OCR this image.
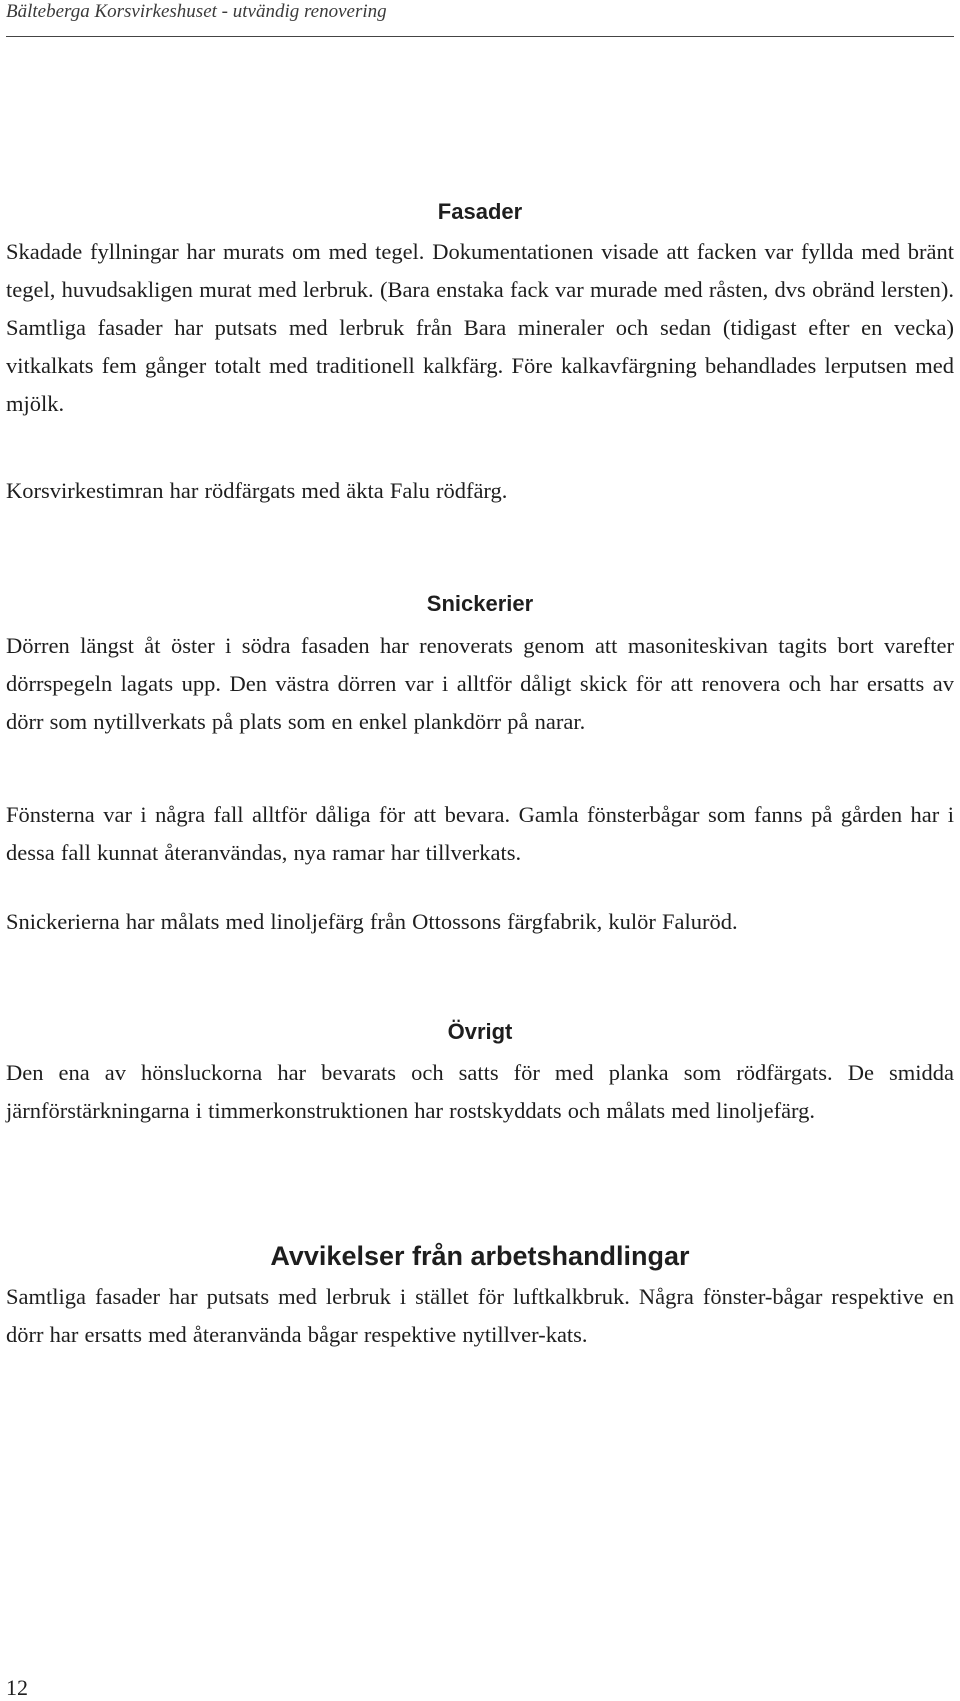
Bälteberga Korsvirkeshuset - utvändig renovering
Fasader

Skadade fyllningar har murats om med tegel. Dokumentationen visade att facken var fyllda med bränt tegel, huvudsakligen murat med lerbruk. (Bara enstaka fack var murade med råsten, dvs obränd lersten). Samtliga fasader har putsats med lerbruk från Bara mineraler och sedan (tidigast efter en vecka) vitkalkats fem gånger totalt med traditionell kalkfärg. Före kalkavfärgning behandlades lerputsen med mjölk.

Korsvirkestimran har rödfärgats med äkta Falu rödfärg.

Snickerier

Dörren längst åt öster i södra fasaden har renoverats genom att masoniteskivan tagits bort varefter dörrspegeln lagats upp. Den västra dörren var i alltför dåligt skick för att renovera och har ersatts av dörr som nytillverkats på plats som en enkel plankdörr på narar.

Fönsterna var i några fall alltför dåliga för att bevara. Gamla fönsterbågar som fanns på gården har i dessa fall kunnat återanvändas, nya ramar har tillverkats.

Snickerierna har målats med linoljefärg från Ottossons färgfabrik, kulör Faluröd.

Övrigt

Den ena av hönsluckorna har bevarats och satts för med planka som rödfärgats. De smidda järnförstärkningarna i timmerkonstruktionen har rostskyddats och målats med linoljefärg.

Avvikelser från arbetshandlingar

Samtliga fasader har putsats med lerbruk i stället för luftkalkbruk. Några fönster-bågar respektive en dörr har ersatts med återanvända bågar respektive nytillver-kats.

12
